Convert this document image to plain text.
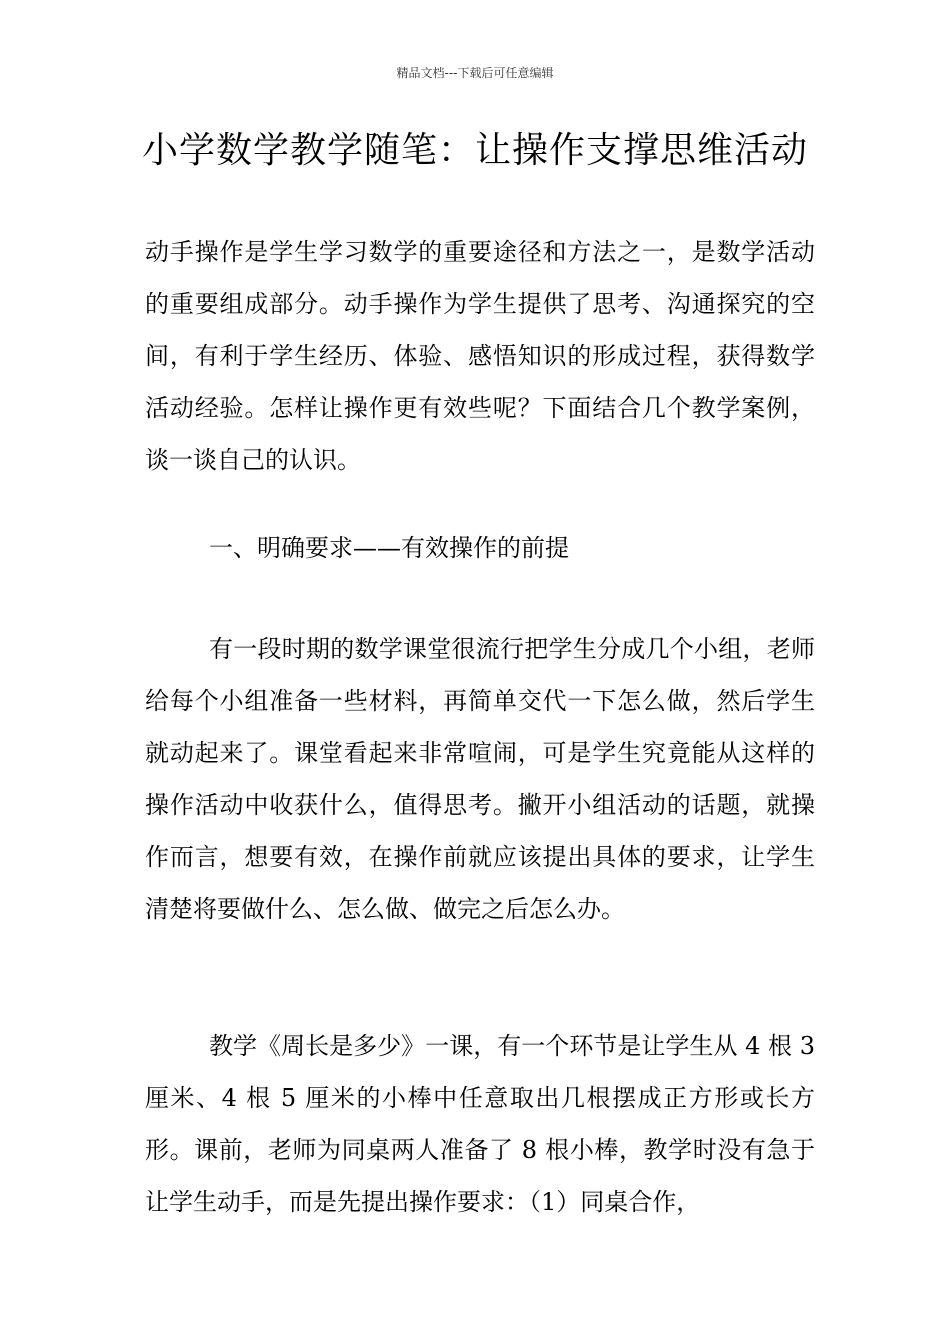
精品文档---下载后可任意编辑
小学数学教学随笔：让操作支撑思维活动

动手操作是学生学习数学的重要途径和方法之一，是数学活动的重要组成部分。动手操作为学生提供了思考、沟通探究的空间，有利于学生经历、体验、感悟知识的形成过程，获得数学活动经验。怎样让操作更有效些呢？下面结合几个教学案例，谈一谈自己的认识。

一、明确要求——有效操作的前提

有一段时期的数学课堂很流行把学生分成几个小组，老师给每个小组准备一些材料，再简单交代一下怎么做，然后学生就动起来了。课堂看起来非常喧闹，可是学生究竟能从这样的操作活动中收获什么，值得思考。撇开小组活动的话题，就操作而言，想要有效，在操作前就应该提出具体的要求，让学生清楚将要做什么、怎么做、做完之后怎么办。

教学《周长是多少》一课，有一个环节是让学生从 4 根 3 厘米、4 根 5 厘米的小棒中任意取出几根摆成正方形或长方形。课前，老师为同桌两人准备了 8 根小棒，教学时没有急于让学生动手，而是先提出操作要求：（1）同桌合作，
